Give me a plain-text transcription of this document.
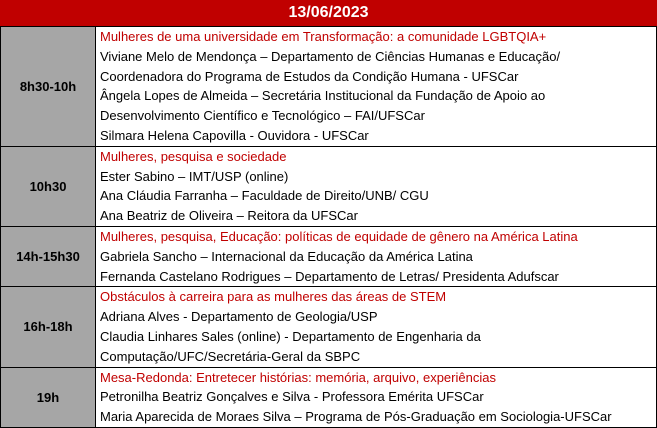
13/06/2023
8h30-10h
Mulheres de uma universidade em Transformação: a comunidade LGBTQIA+
Viviane Melo de Mendonça – Departamento de Ciências Humanas e Educação/
Coordenadora do Programa de Estudos da Condição Humana - UFSCar
Ângela Lopes de Almeida – Secretária Institucional da Fundação de Apoio ao
Desenvolvimento Científico e Tecnológico – FAI/UFSCar
Silmara Helena Capovilla - Ouvidora - UFSCar
10h30
Mulheres, pesquisa e sociedade
Ester Sabino – IMT/USP (online)
Ana Cláudia Farranha – Faculdade de Direito/UNB/ CGU
Ana Beatriz de Oliveira – Reitora da UFSCar
14h-15h30
Mulheres, pesquisa, Educação: políticas de equidade de gênero na América Latina
Gabriela Sancho – Internacional da Educação da América Latina
Fernanda Castelano Rodrigues – Departamento de Letras/ Presidenta Adufscar
16h-18h
Obstáculos à carreira para as mulheres das áreas de STEM
Adriana Alves - Departamento de Geologia/USP
Claudia Linhares Sales (online) - Departamento de Engenharia da
Computação/UFC/Secretária-Geral da SBPC
19h
Mesa-Redonda: Entretecer histórias: memória, arquivo, experiências
Petronilha Beatriz Gonçalves e Silva - Professora Emérita UFSCar
Maria Aparecida de Moraes Silva – Programa de Pós-Graduação em Sociologia-UFSCar
